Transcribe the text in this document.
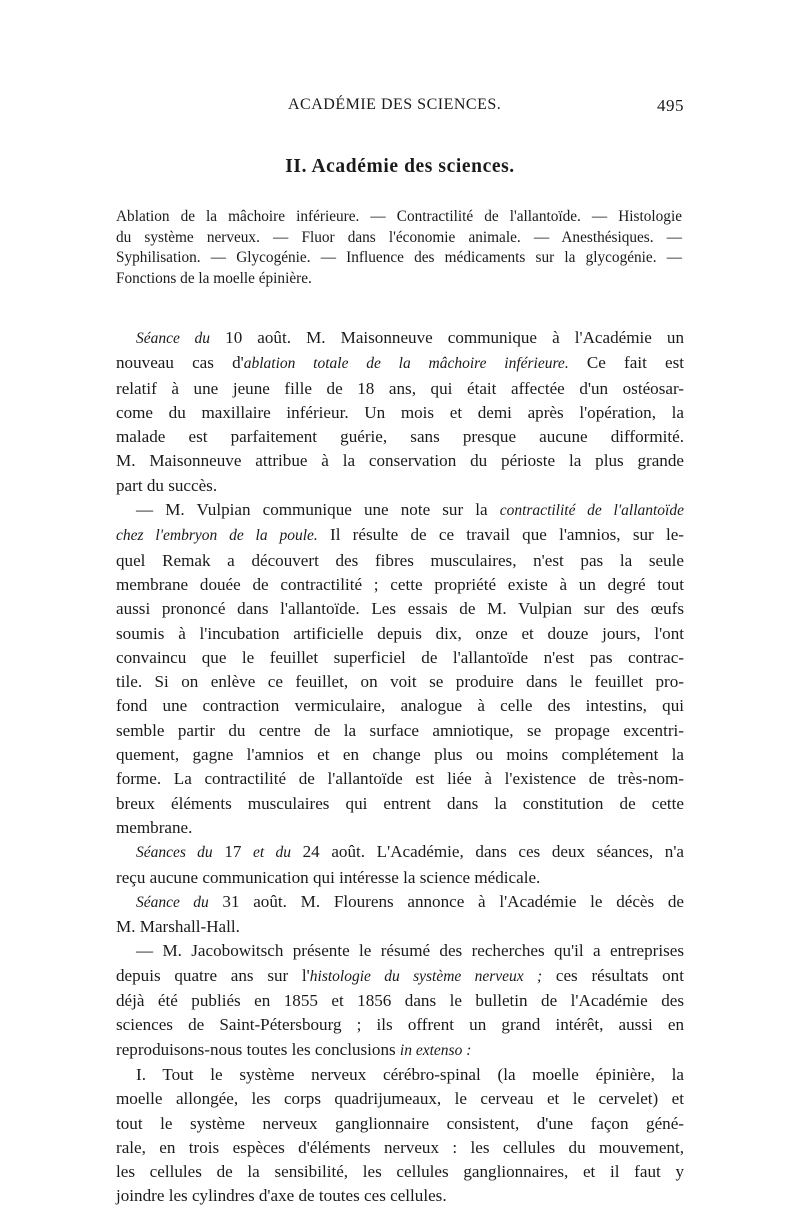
ACADÉMIE DES SCIENCES.	495
II. Académie des sciences.
Ablation de la mâchoire inférieure. — Contractilité de l'allantoïde. — Histologie
du système nerveux. — Fluor dans l'économie animale. — Anesthésiques. —
Syphilisation. — Glycogénie. — Influence des médicaments sur la glycogénie. —
Fonctions de la moelle épinière.
Séance du 10 août. M. Maisonneuve communique à l'Académie un
nouveau cas d'ablation totale de la mâchoire inférieure. Ce fait est
relatif à une jeune fille de 18 ans, qui était affectée d'un ostéosar-
come du maxillaire inférieur. Un mois et demi après l'opération, la
malade est parfaitement guérie, sans presque aucune difformité.
M. Maisonneuve attribue à la conservation du périoste la plus grande
part du succès.
— M. Vulpian communique une note sur la contractilité de l'allantoïde
chez l'embryon de la poule. Il résulte de ce travail que l'amnios, sur le-
quel Remak a découvert des fibres musculaires, n'est pas la seule
membrane douée de contractilité ; cette propriété existe à un degré tout
aussi prononcé dans l'allantoïde. Les essais de M. Vulpian sur des œufs
soumis à l'incubation artificielle depuis dix, onze et douze jours, l'ont
convaincu que le feuillet superficiel de l'allantoïde n'est pas contrac-
tile. Si on enlève ce feuillet, on voit se produire dans le feuillet pro-
fond une contraction vermiculaire, analogue à celle des intestins, qui
semble partir du centre de la surface amniotique, se propage excentri-
quement, gagne l'amnios et en change plus ou moins complétement la
forme. La contractilité de l'allantoïde est liée à l'existence de très-nom-
breux éléments musculaires qui entrent dans la constitution de cette
membrane.
Séances du 17 et du 24 août. L'Académie, dans ces deux séances, n'a
reçu aucune communication qui intéresse la science médicale.
Séance du 31 août. M. Flourens annonce à l'Académie le décès de
M. Marshall-Hall.
— M. Jacobowitsch présente le résumé des recherches qu'il a entreprises
depuis quatre ans sur l'histologie du système nerveux ; ces résultats ont
déjà été publiés en 1855 et 1856 dans le bulletin de l'Académie des
sciences de Saint-Pétersbourg ; ils offrent un grand intérêt, aussi en
reproduisons-nous toutes les conclusions in extenso :
I. Tout le système nerveux cérébro-spinal (la moelle épinière, la
moelle allongée, les corps quadrijumeaux, le cerveau et le cervelet) et
tout le système nerveux ganglionnaire consistent, d'une façon géné-
rale, en trois espèces d'éléments nerveux : les cellules du mouvement,
les cellules de la sensibilité, les cellules ganglionnaires, et il faut y
joindre les cylindres d'axe de toutes ces cellules.
